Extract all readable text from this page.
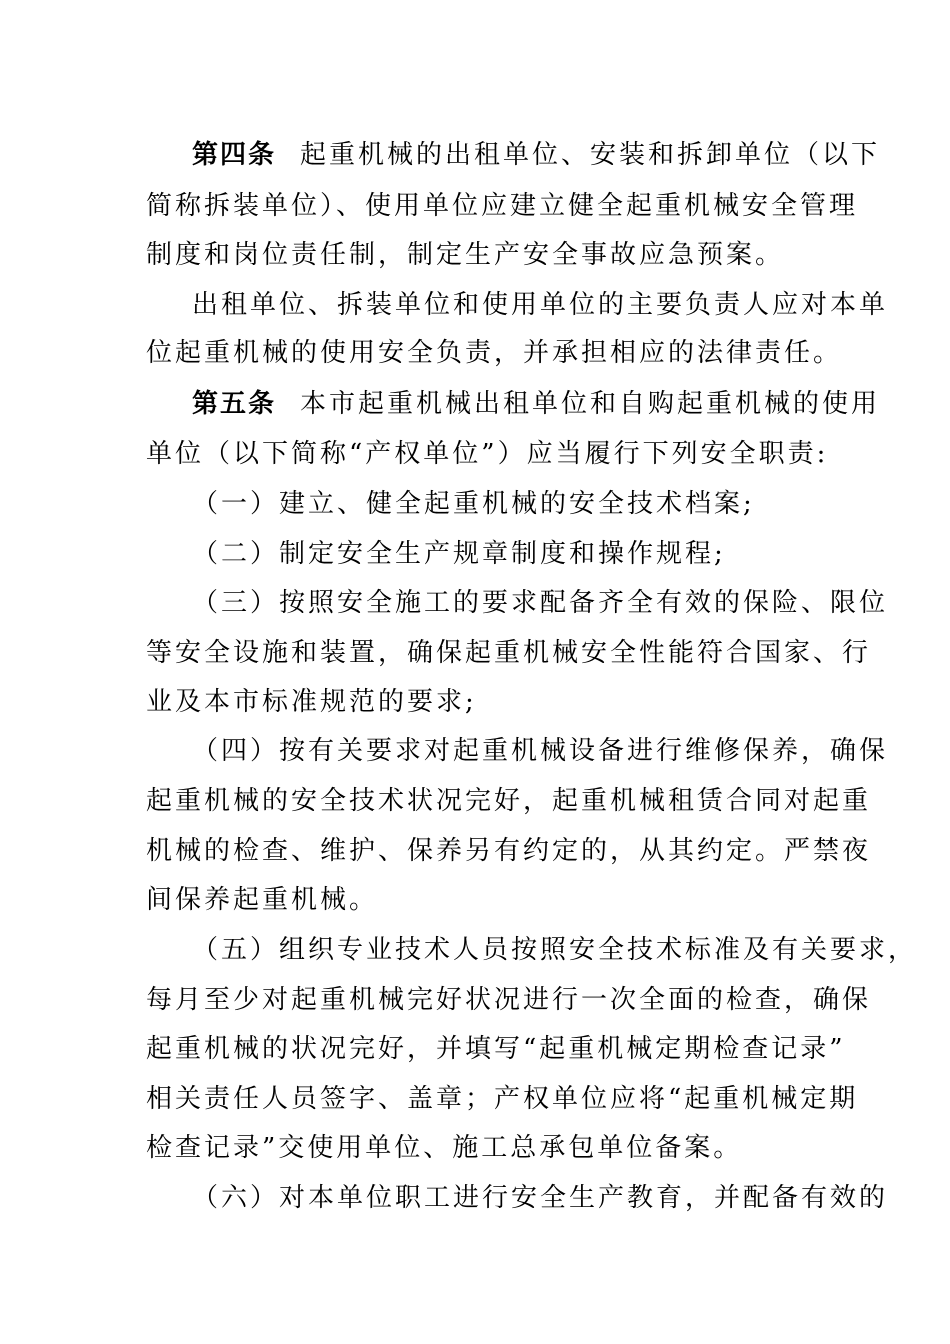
第四条 起重机械的出租单位、安装和拆卸单位（以下
简称拆装单位）、使用单位应建立健全起重机械安全管理
制度和岗位责任制，制定生产安全事故应急预案。
出租单位、拆装单位和使用单位的主要负责人应对本单
位起重机械的使用安全负责，并承担相应的法律责任。
第五条 本市起重机械出租单位和自购起重机械的使用
单位（以下简称“产权单位”）应当履行下列安全职责:
（一）建立、健全起重机械的安全技术档案;
（二）制定安全生产规章制度和操作规程;
（三）按照安全施工的要求配备齐全有效的保险、限位
等安全设施和装置，确保起重机械安全性能符合国家、行
业及本市标准规范的要求;
（四）按有关要求对起重机械设备进行维修保养，确保
起重机械的安全技术状况完好，起重机械租赁合同对起重
机械的检查、维护、保养另有约定的，从其约定。严禁夜
间保养起重机械。
（五）组织专业技术人员按照安全技术标准及有关要求，
每月至少对起重机械完好状况进行一次全面的检查，确保
起重机械的状况完好，并填写“起重机械定期检查记录”
相关责任人员签字、盖章；产权单位应将“起重机械定期
检查记录”交使用单位、施工总承包单位备案。
（六）对本单位职工进行安全生产教育，并配备有效的
